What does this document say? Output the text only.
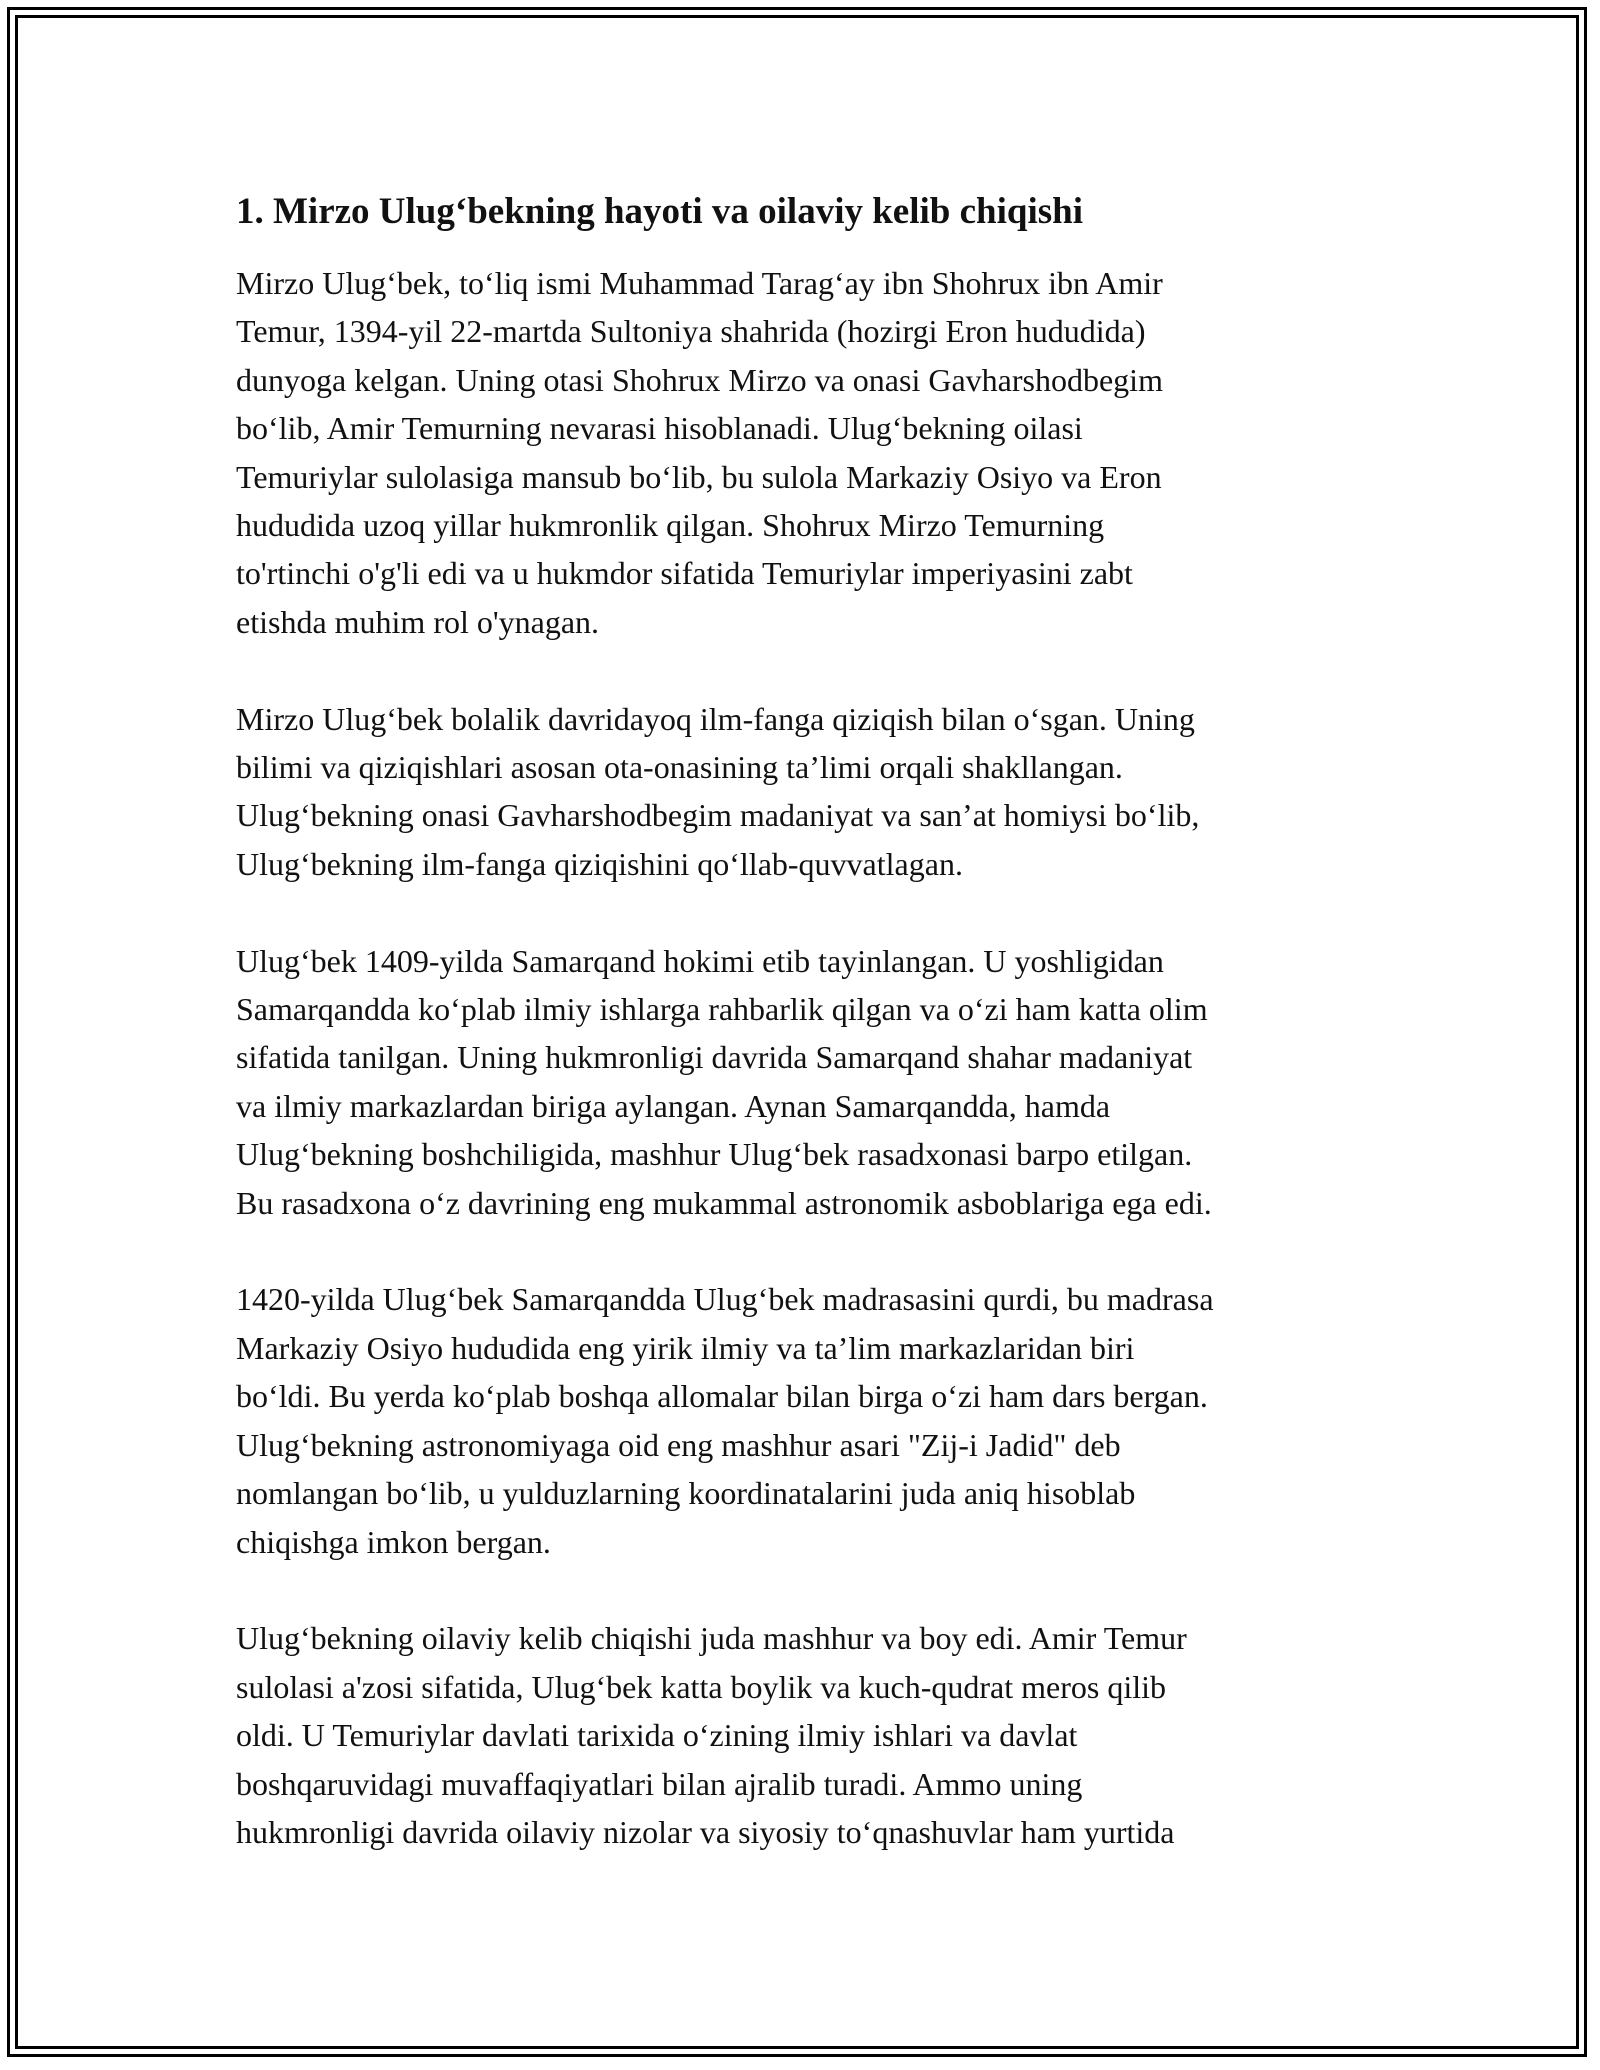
1. Mirzo Ulug‘bekning hayoti va oilaviy kelib chiqishi

Mirzo Ulug‘bek, to‘liq ismi Muhammad Tarag‘ay ibn Shohrux ibn Amir
Temur, 1394-yil 22-martda Sultoniya shahrida (hozirgi Eron hududida)
dunyoga kelgan. Uning otasi Shohrux Mirzo va onasi Gavharshodbegim
bo‘lib, Amir Temurning nevarasi hisoblanadi. Ulug‘bekning oilasi
Temuriylar sulolasiga mansub bo‘lib, bu sulola Markaziy Osiyo va Eron
hududida uzoq yillar hukmronlik qilgan. Shohrux Mirzo Temurning
to'rtinchi o'g'li edi va u hukmdor sifatida Temuriylar imperiyasini zabt
etishda muhim rol o'ynagan.

Mirzo Ulug‘bek bolalik davridayoq ilm-fanga qiziqish bilan o‘sgan. Uning
bilimi va qiziqishlari asosan ota-onasining ta’limi orqali shakllangan.
Ulug‘bekning onasi Gavharshodbegim madaniyat va san’at homiysi bo‘lib,
Ulug‘bekning ilm-fanga qiziqishini qo‘llab-quvvatlagan.

Ulug‘bek 1409-yilda Samarqand hokimi etib tayinlangan. U yoshligidan
Samarqandda ko‘plab ilmiy ishlarga rahbarlik qilgan va o‘zi ham katta olim
sifatida tanilgan. Uning hukmronligi davrida Samarqand shahar madaniyat
va ilmiy markazlardan biriga aylangan. Aynan Samarqandda, hamda
Ulug‘bekning boshchiligida, mashhur Ulug‘bek rasadxonasi barpo etilgan.
Bu rasadxona o‘z davrining eng mukammal astronomik asboblariga ega edi.

1420-yilda Ulug‘bek Samarqandda Ulug‘bek madrasasini qurdi, bu madrasa
Markaziy Osiyo hududida eng yirik ilmiy va ta’lim markazlaridan biri
bo‘ldi. Bu yerda ko‘plab boshqa allomalar bilan birga o‘zi ham dars bergan.
Ulug‘bekning astronomiyaga oid eng mashhur asari "Zij-i Jadid" deb
nomlangan bo‘lib, u yulduzlarning koordinatalarini juda aniq hisoblab
chiqishga imkon bergan.

Ulug‘bekning oilaviy kelib chiqishi juda mashhur va boy edi. Amir Temur
sulolasi a'zosi sifatida, Ulug‘bek katta boylik va kuch-qudrat meros qilib
oldi. U Temuriylar davlati tarixida o‘zining ilmiy ishlari va davlat
boshqaruvidagi muvaffaqiyatlari bilan ajralib turadi. Ammo uning
hukmronligi davrida oilaviy nizolar va siyosiy to‘qnashuvlar ham yurtida
